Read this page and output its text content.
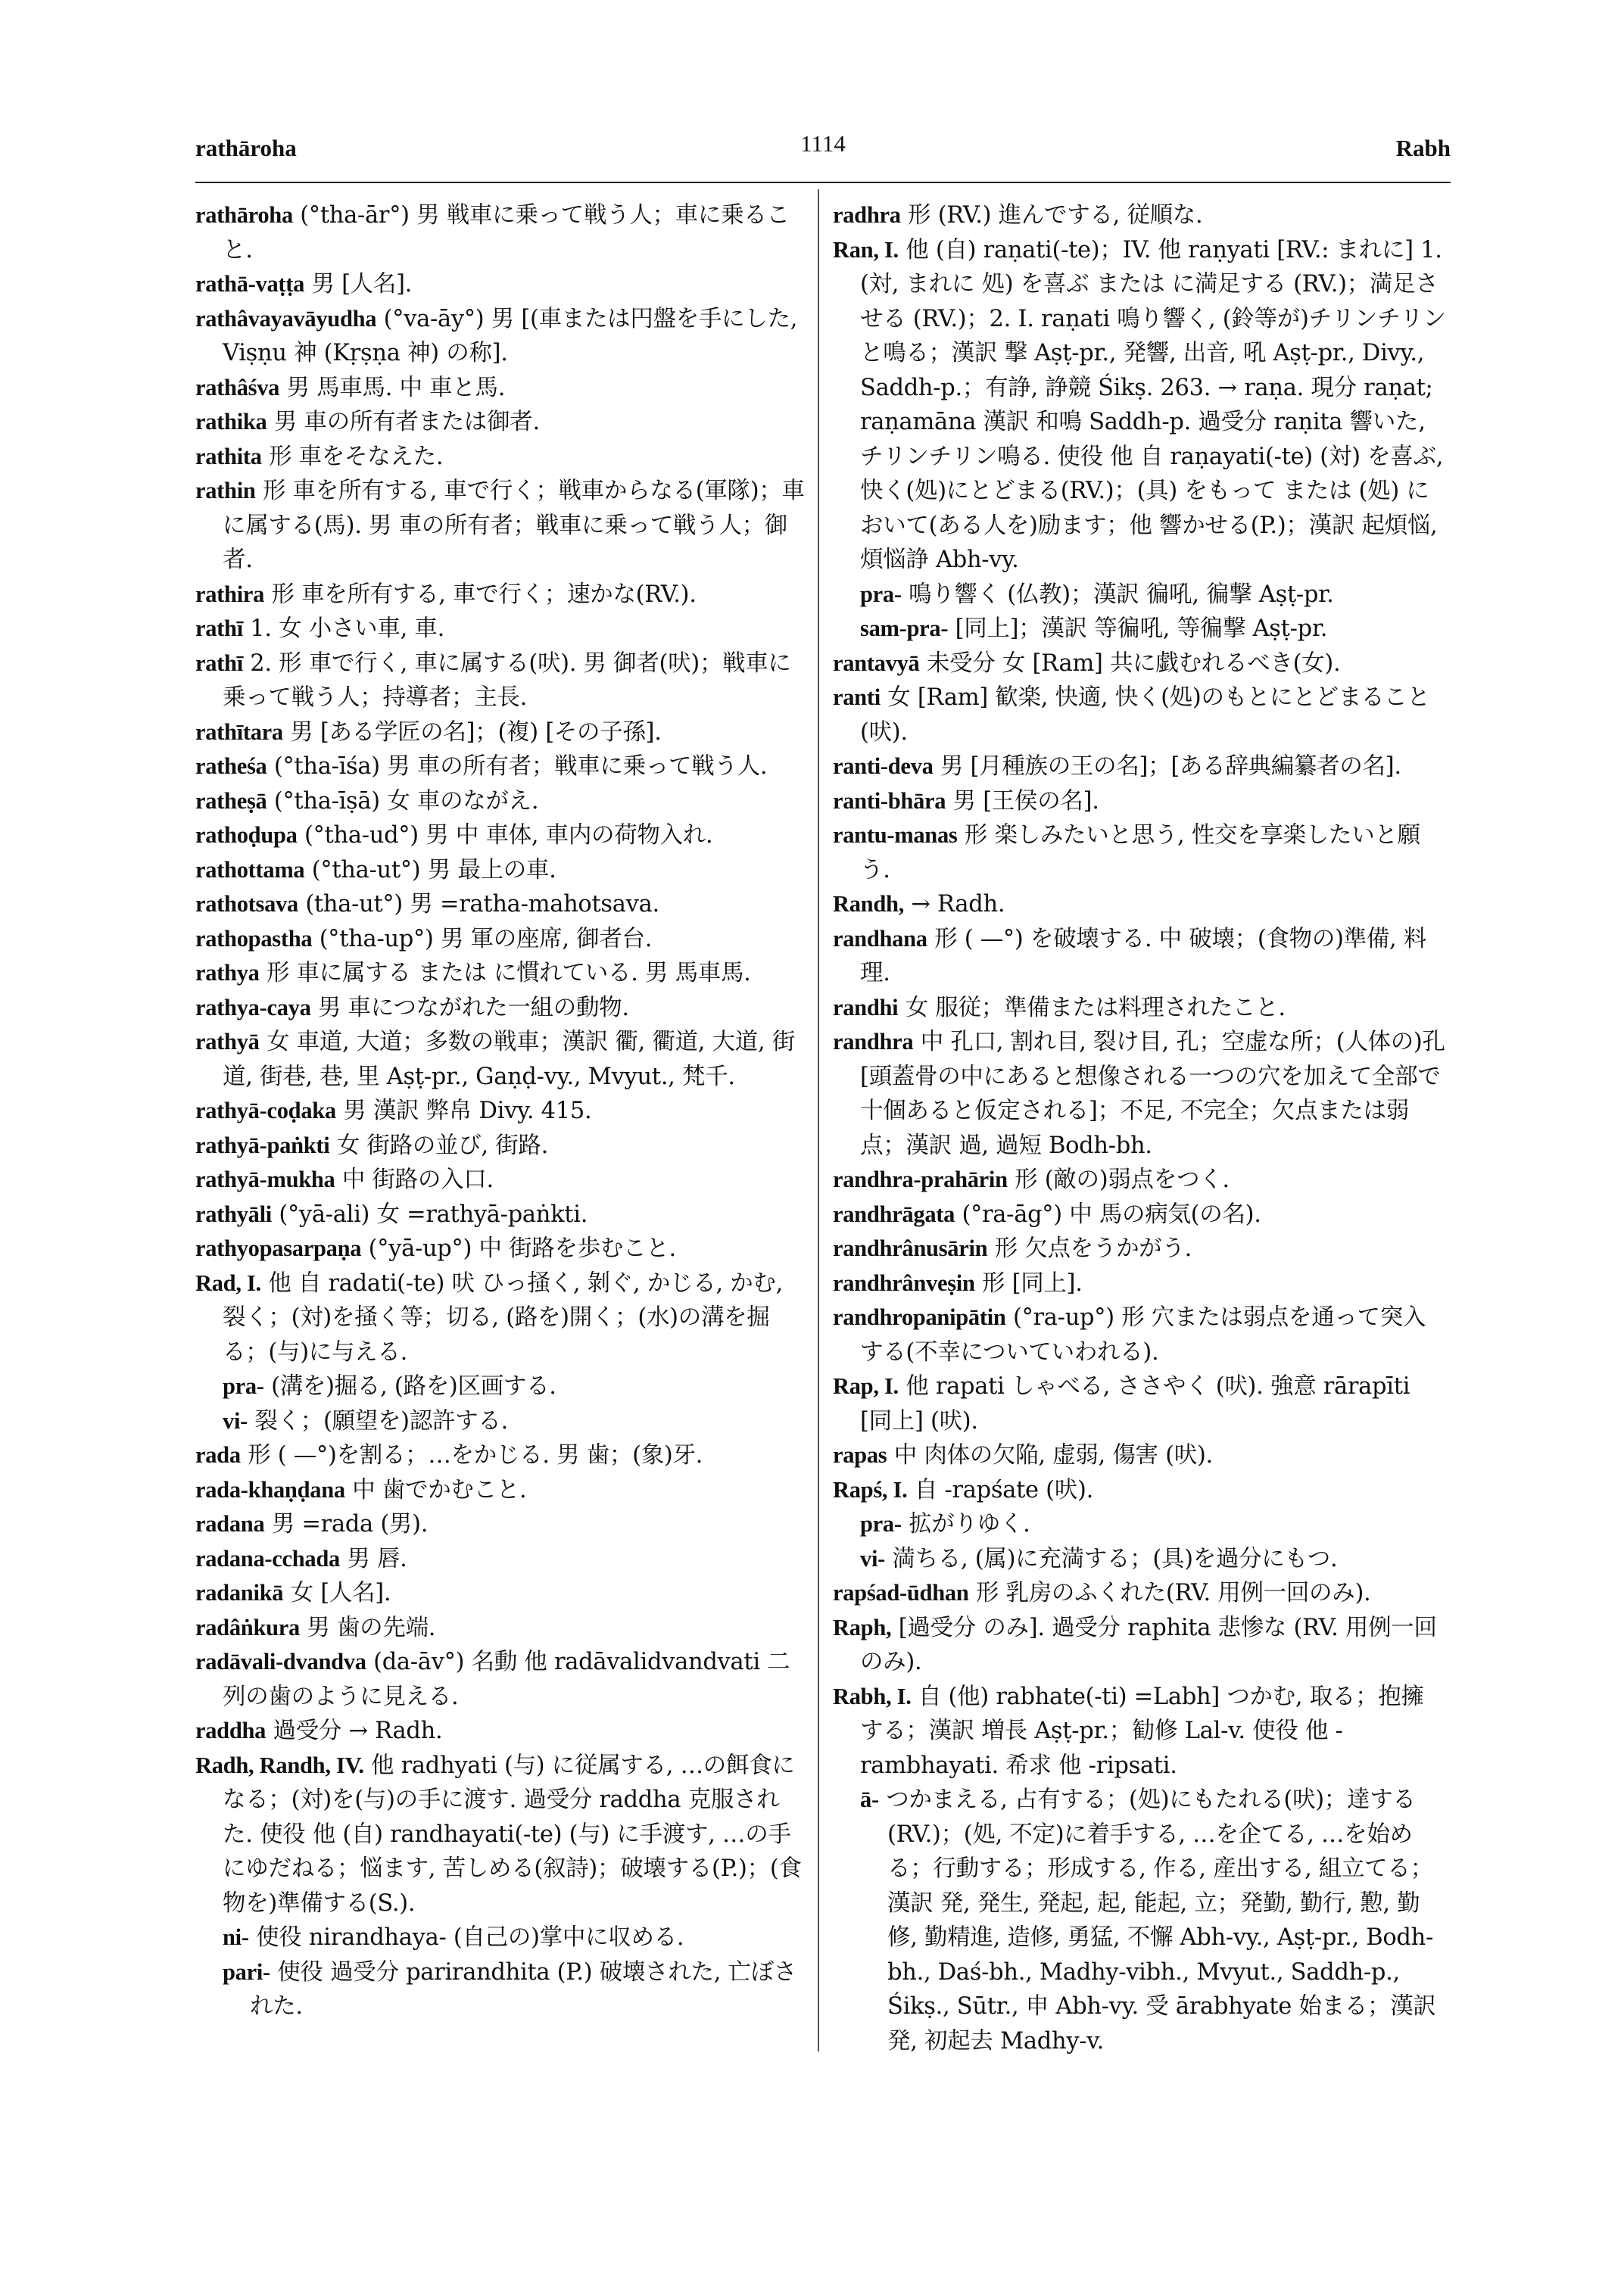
rathāroha	1114	Rabh

rathāroha (°tha-ār°) 男 戦車に乗って戦う人；車に乗ること.

rathā-vaṭṭa 男 [人名].

rathâvayavāyudha (°va-āy°) 男 [(車または円盤を手にした, Viṣṇu 神 (Kṛṣṇa 神) の称].

rathâśva 男 馬車馬. 中 車と馬.

rathika 男 車の所有者または御者.

rathita 形 車をそなえた.

rathin 形 車を所有する, 車で行く；戦車からなる(軍隊)；車に属する(馬). 男 車の所有者；戦車に乗って戦う人；御者.

rathira 形 車を所有する, 車で行く；速かな(RV.).

rathī 1. 女 小さい車, 車.

rathī 2. 形 車で行く, 車に属する(吠). 男 御者(吠)；戦車に乗って戦う人；持導者；主長.

rathītara 男 [ある学匠の名]；(複) [その子孫].

ratheśa (°tha-īśa) 男 車の所有者；戦車に乗って戦う人.

ratheṣā (°tha-īṣā) 女 車のながえ.

rathoḍupa (°tha-ud°) 男 中 車体, 車内の荷物入れ.

rathottama (°tha-ut°) 男 最上の車.

rathotsava (tha-ut°) 男 =ratha-mahotsava.

rathopastha (°tha-up°) 男 軍の座席, 御者台.

rathya 形 車に属する または に慣れている. 男 馬車馬.

rathya-caya 男 車につながれた一組の動物.

rathyā 女 車道, 大道；多数の戦車；漢訳 衢, 衢道, 大道, 街道, 街巷, 巷, 里 Aṣṭ-pr., Gaṇḍ-vy., Mvyut., 梵千.

rathyā-coḍaka 男 漢訳 弊帛 Divy. 415.

rathyā-paṅkti 女 街路の並び, 街路.

rathyā-mukha 中 街路の入口.

rathyāli (°yā-ali) 女 =rathyā-paṅkti.

rathyopasarpaṇa (°yā-up°) 中 街路を歩むこと.

Rad, I. 他 自 radati(-te) 吠 ひっ掻く, 剝ぐ, かじる, かむ, 裂く；(対)を掻く等；切る, (路を)開く；(水)の溝を掘る；(与)に与える.

pra- (溝を)掘る, (路を)区画する.

vi- 裂く；(願望を)認許する.

rada 形 ( —°)を割る；…をかじる. 男 歯；(象)牙.

rada-khaṇḍana 中 歯でかむこと.

radana 男 =rada (男).

radana-cchada 男 唇.

radanikā 女 [人名].

radâṅkura 男 歯の先端.

radāvali-dvandva (da-āv°) 名動 他 radāvalidvandvati 二列の歯のように見える.

raddha 過受分 → Radh.

Radh, Randh, IV. 他 radhyati (与) に従属する, …の餌食になる；(対)を(与)の手に渡す. 過受分 raddha 克服された. 使役 他 (自) randhayati(-te) (与) に手渡す, …の手にゆだねる；悩ます, 苦しめる(叙詩)；破壊する(P.)；(食物を)準備する(S.).

ni- 使役 nirandhaya- (自己の)掌中に収める.

pari- 使役 過受分 parirandhita (P.) 破壊された, 亡ぼされた.

radhra 形 (RV.) 進んでする, 従順な.

Ran, I. 他 (自) raṇati(-te)；IV. 他 raṇyati [RV.: まれに] 1. (対, まれに 処) を喜ぶ または に満足する (RV.)；満足させる (RV.)；2. I. raṇati 鳴り響く, (鈴等が)チリンチリンと鳴る；漢訳 撃 Aṣṭ-pr., 発響, 出音, 吼 Aṣṭ-pr., Divy., Saddh-p.；有諍, 諍競 Śikṣ. 263. → raṇa. 現分 raṇat; raṇamāna 漢訳 和鳴 Saddh-p. 過受分 raṇita 響いた, チリンチリン鳴る. 使役 他 自 raṇayati(-te) (対) を喜ぶ, 快く(処)にとどまる(RV.)；(具) をもって または (処) において(ある人を)励ます；他 響かせる(P.)；漢訳 起煩悩, 煩悩諍 Abh-vy.

pra- 鳴り響く (仏教)；漢訳 徧吼, 徧撃 Aṣṭ-pr.

sam-pra- [同上]；漢訳 等徧吼, 等徧撃 Aṣṭ-pr.

rantavyā 未受分 女 [Ram] 共に戯むれるべき(女).

ranti 女 [Ram] 歓楽, 快適, 快く(処)のもとにとどまること(吠).

ranti-deva 男 [月種族の王の名]；[ある辞典編纂者の名].

ranti-bhāra 男 [王侯の名].

rantu-manas 形 楽しみたいと思う, 性交を享楽したいと願う.

Randh, → Radh.

randhana 形 ( —°) を破壊する. 中 破壊；(食物の)準備, 料理.

randhi 女 服従；準備または料理されたこと.

randhra 中 孔口, 割れ目, 裂け目, 孔；空虚な所；(人体の)孔 [頭蓋骨の中にあると想像される一つの穴を加えて全部で十個あると仮定される]；不足, 不完全；欠点または弱点；漢訳 過, 過短 Bodh-bh.

randhra-prahārin 形 (敵の)弱点をつく.

randhrāgata (°ra-āg°) 中 馬の病気(の名).

randhrânusārin 形 欠点をうかがう.

randhrânveṣin 形 [同上].

randhropanipātin (°ra-up°) 形 穴または弱点を通って突入する(不幸についていわれる).

Rap, I. 他 rapati しゃべる, ささやく (吠). 強意 rārapīti [同上] (吠).

rapas 中 肉体の欠陥, 虚弱, 傷害 (吠).

Rapś, I. 自 -rapśate (吠).

pra- 拡がりゆく.

vi- 満ちる, (属)に充満する；(具)を過分にもつ.

rapśad-ūdhan 形 乳房のふくれた(RV. 用例一回のみ).

Raph, [過受分 のみ]. 過受分 raphita 悲惨な (RV. 用例一回のみ).

Rabh, I. 自 (他) rabhate(-ti) =Labh] つかむ, 取る；抱擁する；漢訳 増長 Aṣṭ-pr.；勧修 Lal-v. 使役 他 -rambhayati. 希求 他 -ripsati.

ā- つかまえる, 占有する；(処)にもたれる(吠)；達する (RV.)；(処, 不定)に着手する, …を企てる, …を始める；行動する；形成する, 作る, 産出する, 組立てる；漢訳 発, 発生, 発起, 起, 能起, 立；発勤, 勤行, 懃, 勤修, 勤精進, 造修, 勇猛, 不懈 Abh-vy., Aṣṭ-pr., Bodh-bh., Daś-bh., Madhy-vibh., Mvyut., Saddh-p., Śikṣ., Sūtr., 申 Abh-vy. 受 ārabhyate 始まる；漢訳 発, 初起去 Madhy-v.
